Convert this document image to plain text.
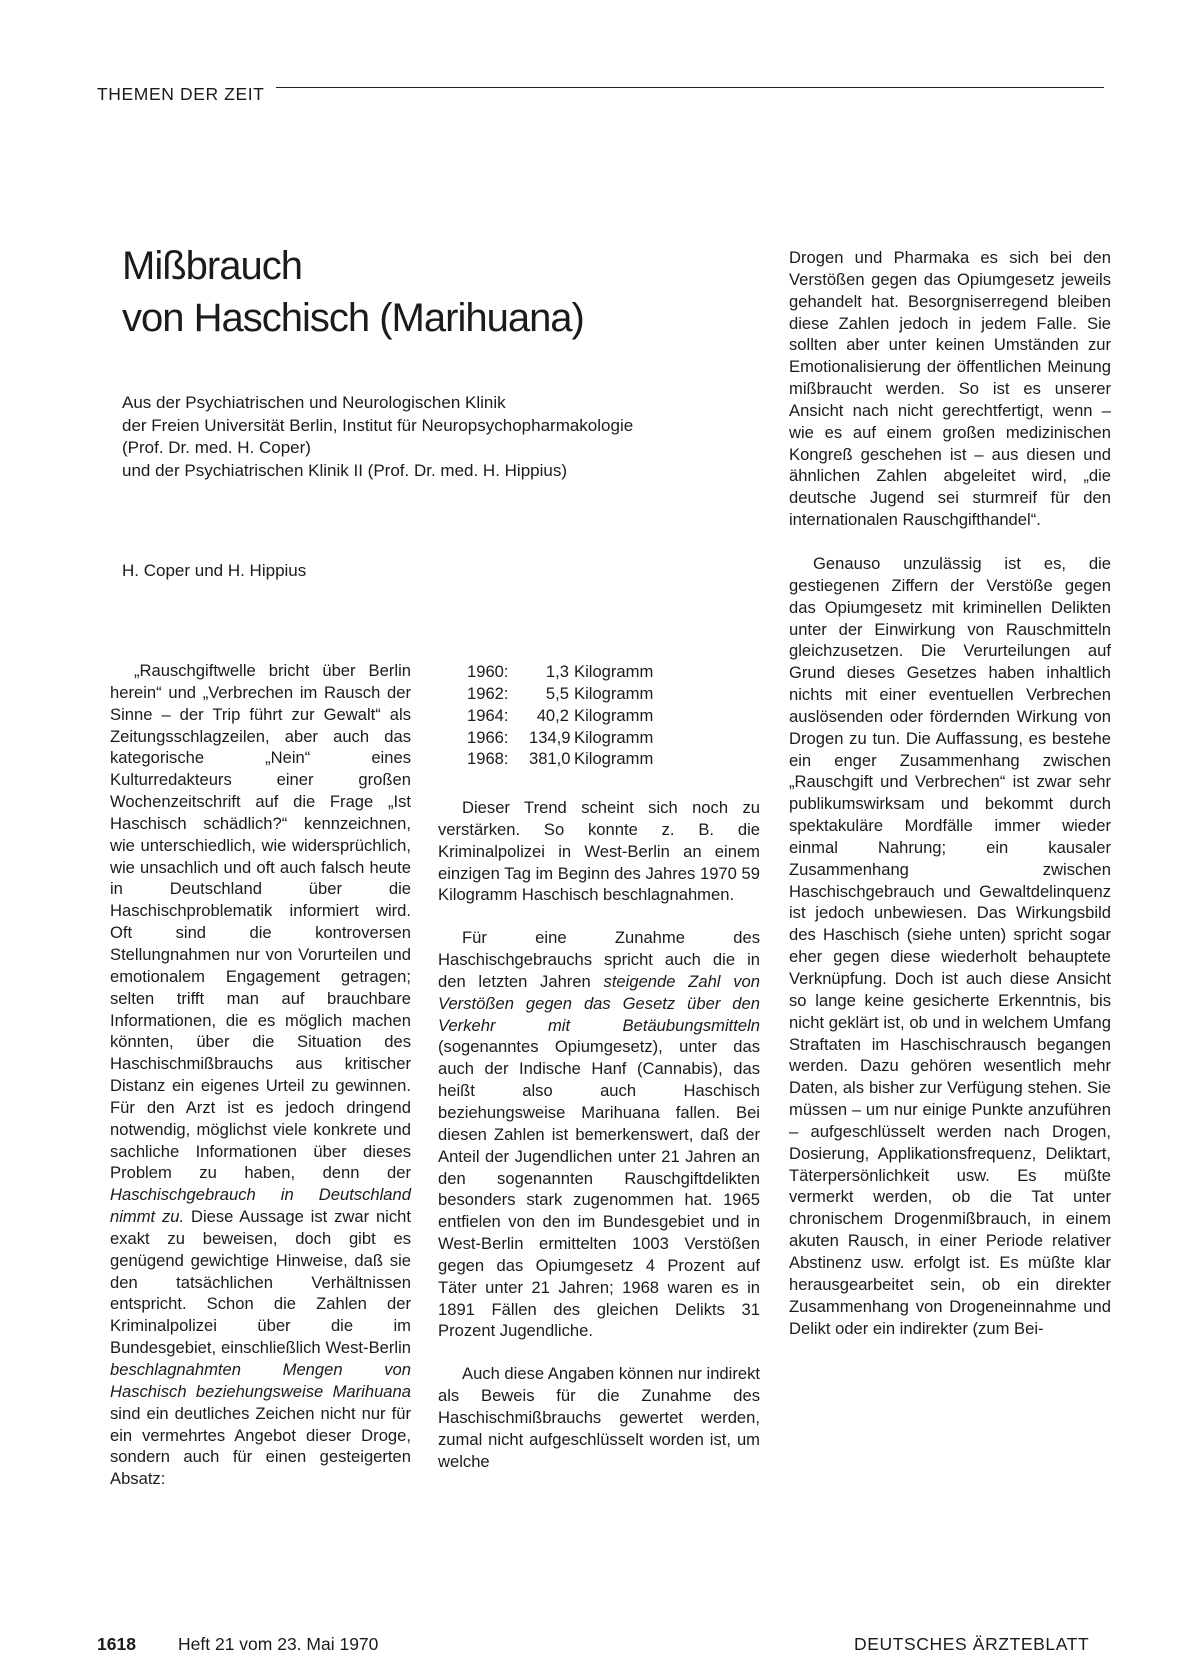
THEMEN DER ZEIT
Mißbrauch
von Haschisch (Marihuana)
Aus der Psychiatrischen und Neurologischen Klinik
der Freien Universität Berlin, Institut für Neuropsychopharmakologie
(Prof. Dr. med. H. Coper)
und der Psychiatrischen Klinik II (Prof. Dr. med. H. Hippius)
H. Coper und H. Hippius

„Rauschgiftwelle bricht über Berlin herein“ und „Verbrechen im Rausch der Sinne – der Trip führt zur Gewalt“ als Zeitungsschlagzeilen, aber auch das kategorische „Nein“ eines Kulturredakteurs einer großen Wochenzeitschrift auf die Frage „Ist Haschisch schädlich?“ kennzeichnen, wie unterschiedlich, wie widersprüchlich, wie unsachlich und oft auch falsch heute in Deutschland über die Haschischproblematik informiert wird. Oft sind die kontroversen Stellungnahmen nur von Vorurteilen und emotionalem Engagement getragen; selten trifft man auf brauchbare Informationen, die es möglich machen könnten, über die Situation des Haschischmißbrauchs aus kritischer Distanz ein eigenes Urteil zu gewinnen. Für den Arzt ist es jedoch dringend notwendig, möglichst viele konkrete und sachliche Informationen über dieses Problem zu haben, denn der Haschischgebrauch in Deutschland nimmt zu. Diese Aussage ist zwar nicht exakt zu beweisen, doch gibt es genügend gewichtige Hinweise, daß sie den tatsächlichen Verhältnissen entspricht. Schon die Zahlen der Kriminalpolizei über die im Bundesgebiet, einschließlich West-Berlin beschlagnahmten Mengen von Haschisch beziehungsweise Marihuana sind ein deutliches Zeichen nicht nur für ein vermehrtes Angebot dieser Droge, sondern auch für einen gesteigerten Absatz:

1960:	1,3 Kilogramm
1962:	5,5 Kilogramm
1964:	40,2 Kilogramm
1966:	134,9 Kilogramm
1968:	381,0 Kilogramm

Dieser Trend scheint sich noch zu verstärken. So konnte z. B. die Kriminalpolizei in West-Berlin an einem einzigen Tag im Beginn des Jahres 1970 59 Kilogramm Haschisch beschlagnahmen.

Für eine Zunahme des Haschischgebrauchs spricht auch die in den letzten Jahren steigende Zahl von Verstößen gegen das Gesetz über den Verkehr mit Betäubungsmitteln (sogenanntes Opiumgesetz), unter das auch der Indische Hanf (Cannabis), das heißt also auch Haschisch beziehungsweise Marihuana fallen. Bei diesen Zahlen ist bemerkenswert, daß der Anteil der Jugendlichen unter 21 Jahren an den sogenannten Rauschgiftdelikten besonders stark zugenommen hat. 1965 entfielen von den im Bundesgebiet und in West-Berlin ermittelten 1003 Verstößen gegen das Opiumgesetz 4 Prozent auf Täter unter 21 Jahren; 1968 waren es in 1891 Fällen des gleichen Delikts 31 Prozent Jugendliche.

Auch diese Angaben können nur indirekt als Beweis für die Zunahme des Haschischmißbrauchs gewertet werden, zumal nicht aufgeschlüsselt worden ist, um welche

Drogen und Pharmaka es sich bei den Verstößen gegen das Opiumgesetz jeweils gehandelt hat. Besorgniserregend bleiben diese Zahlen jedoch in jedem Falle. Sie sollten aber unter keinen Umständen zur Emotionalisierung der öffentlichen Meinung mißbraucht werden. So ist es unserer Ansicht nach nicht gerechtfertigt, wenn – wie es auf einem großen medizinischen Kongreß geschehen ist – aus diesen und ähnlichen Zahlen abgeleitet wird, „die deutsche Jugend sei sturmreif für den internationalen Rauschgifthandel“.

Genauso unzulässig ist es, die gestiegenen Ziffern der Verstöße gegen das Opiumgesetz mit kriminellen Delikten unter der Einwirkung von Rauschmitteln gleichzusetzen. Die Verurteilungen auf Grund dieses Gesetzes haben inhaltlich nichts mit einer eventuellen Verbrechen auslösenden oder fördernden Wirkung von Drogen zu tun. Die Auffassung, es bestehe ein enger Zusammenhang zwischen „Rauschgift und Verbrechen“ ist zwar sehr publikumswirksam und bekommt durch spektakuläre Mordfälle immer wieder einmal Nahrung; ein kausaler Zusammenhang zwischen Haschischgebrauch und Gewaltdelinquenz ist jedoch unbewiesen. Das Wirkungsbild des Haschisch (siehe unten) spricht sogar eher gegen diese wiederholt behauptete Verknüpfung. Doch ist auch diese Ansicht so lange keine gesicherte Erkenntnis, bis nicht geklärt ist, ob und in welchem Umfang Straftaten im Haschischrausch begangen werden. Dazu gehören wesentlich mehr Daten, als bisher zur Verfügung stehen. Sie müssen – um nur einige Punkte anzuführen – aufgeschlüsselt werden nach Drogen, Dosierung, Applikationsfrequenz, Deliktart, Täterpersönlichkeit usw. Es müßte vermerkt werden, ob die Tat unter chronischem Drogenmißbrauch, in einem akuten Rausch, in einer Periode relativer Abstinenz usw. erfolgt ist. Es müßte klar herausgearbeitet sein, ob ein direkter Zusammenhang von Drogeneinnahme und Delikt oder ein indirekter (zum Bei-

1618 Heft 21 vom 23. Mai 1970	DEUTSCHES ÄRZTEBLATT
